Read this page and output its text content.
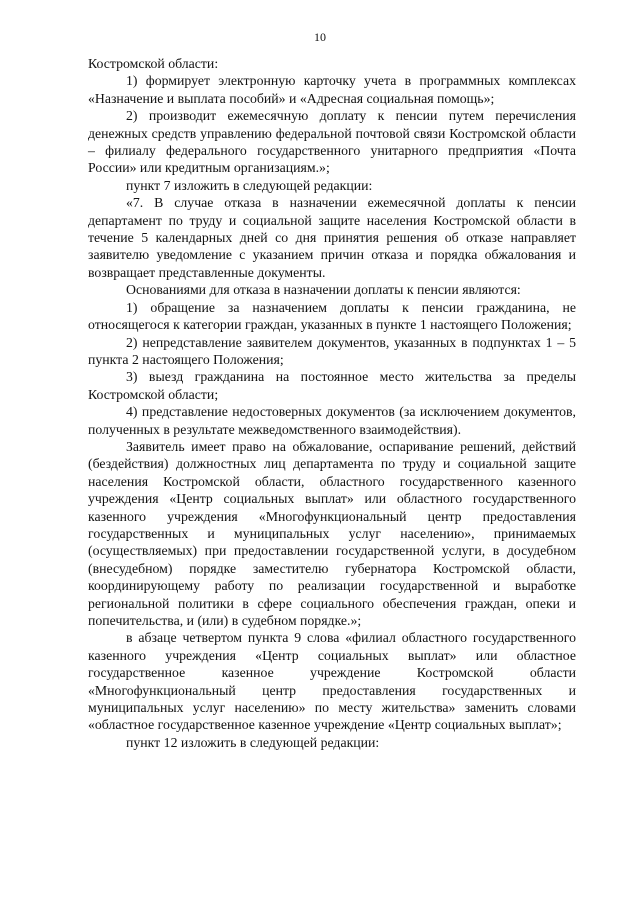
10

Костромской области:

1) формирует электронную карточку учета в программных комплексах «Назначение и выплата пособий» и «Адресная социальная помощь»;

2) производит ежемесячную доплату к пенсии путем перечисления денежных средств управлению федеральной почтовой связи Костромской области – филиалу федерального государственного унитарного предприятия «Почта России» или кредитным организациям.»;

пункт 7 изложить в следующей редакции:

«7. В случае отказа в назначении ежемесячной доплаты к пенсии департамент по труду и социальной защите населения Костромской области в течение 5 календарных дней со дня принятия решения об отказе направляет заявителю уведомление с указанием причин отказа и порядка обжалования и возвращает представленные документы.

Основаниями для отказа в назначении доплаты к пенсии являются:

1) обращение за назначением доплаты к пенсии гражданина, не относящегося к категории граждан, указанных в пункте 1 настоящего Положения;

2) непредставление заявителем документов, указанных в подпунктах 1 – 5 пункта 2 настоящего Положения;

3) выезд гражданина на постоянное место жительства за пределы Костромской области;

4) представление недостоверных документов (за исключением документов, полученных в результате межведомственного взаимодействия).

Заявитель имеет право на обжалование, оспаривание решений, действий (бездействия) должностных лиц департамента по труду и социальной защите населения Костромской области, областного государственного казенного учреждения «Центр социальных выплат» или областного государственного казенного учреждения «Многофункциональный центр предоставления государственных и муниципальных услуг населению», принимаемых (осуществляемых) при предоставлении государственной услуги, в досудебном (внесудебном) порядке заместителю губернатора Костромской области, координирующему работу по реализации государственной и выработке региональной политики в сфере социального обеспечения граждан, опеки и попечительства, и (или) в судебном порядке.»;

в абзаце четвертом пункта 9 слова «филиал областного государственного казенного учреждения «Центр социальных выплат» или областное государственное казенное учреждение Костромской области «Многофункциональный центр предоставления государственных и муниципальных услуг населению» по месту жительства» заменить словами «областное государственное казенное учреждение «Центр социальных выплат»;

пункт 12 изложить в следующей редакции:
